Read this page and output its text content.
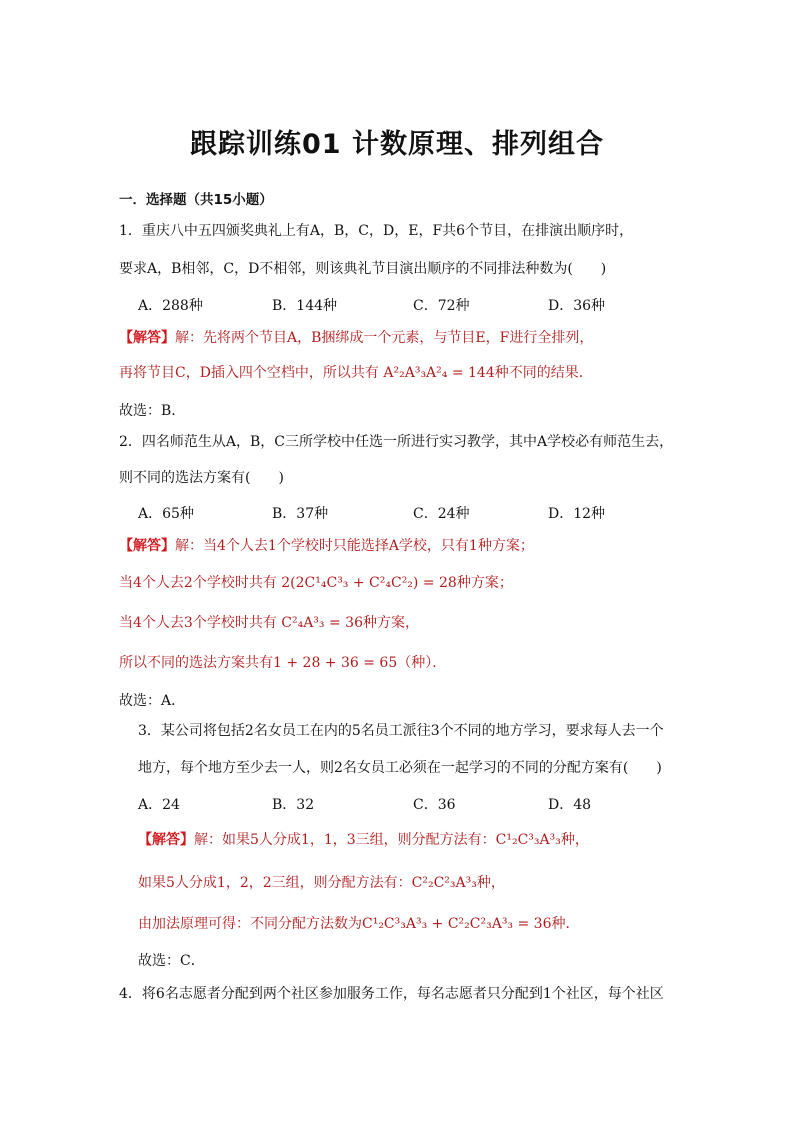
跟踪训练01 计数原理、排列组合
一．选择题（共15小题）
1．重庆八中五四颁奖典礼上有A，B，C，D，E，F共6个节目，在排演出顺序时，
要求A，B相邻，C，D不相邻，则该典礼节目演出顺序的不同排法种数为(　　)
A．288种	B．144种	C．72种	D．36种
【解答】解：先将两个节目A，B捆绑成一个元素，与节目E，F进行全排列，
再将节目C，D插入四个空档中，所以共有 A²₂A³₃A²₄ = 144种不同的结果．
故选：B．
2．四名师范生从A，B，C三所学校中任选一所进行实习教学，其中A学校必有师范生去，
则不同的选法方案有(　　)
A．65种	B．37种	C．24种	D．12种
【解答】解：当4个人去1个学校时只能选择A学校，只有1种方案；
当4个人去2个学校时共有 2(2C¹₄C³₃ + C²₄C²₂) = 28种方案；
当4个人去3个学校时共有 C²₄A³₃ = 36种方案，
所以不同的选法方案共有1 + 28 + 36 = 65（种）．
故选：A．
3．某公司将包括2名女员工在内的5名员工派往3个不同的地方学习，要求每人去一个
地方，每个地方至少去一人，则2名女员工必须在一起学习的不同的分配方案有(　　)
A．24	B．32	C．36	D．48
【解答】解：如果5人分成1，1，3三组，则分配方法有：C¹₂C³₃A³₃种，
如果5人分成1，2，2三组，则分配方法有：C²₂C²₃A³₃种，
由加法原理可得：不同分配方法数为C¹₂C³₃A³₃ + C²₂C²₃A³₃ = 36种．
故选：C．
4．将6名志愿者分配到两个社区参加服务工作，每名志愿者只分配到1个社区，每个社区
